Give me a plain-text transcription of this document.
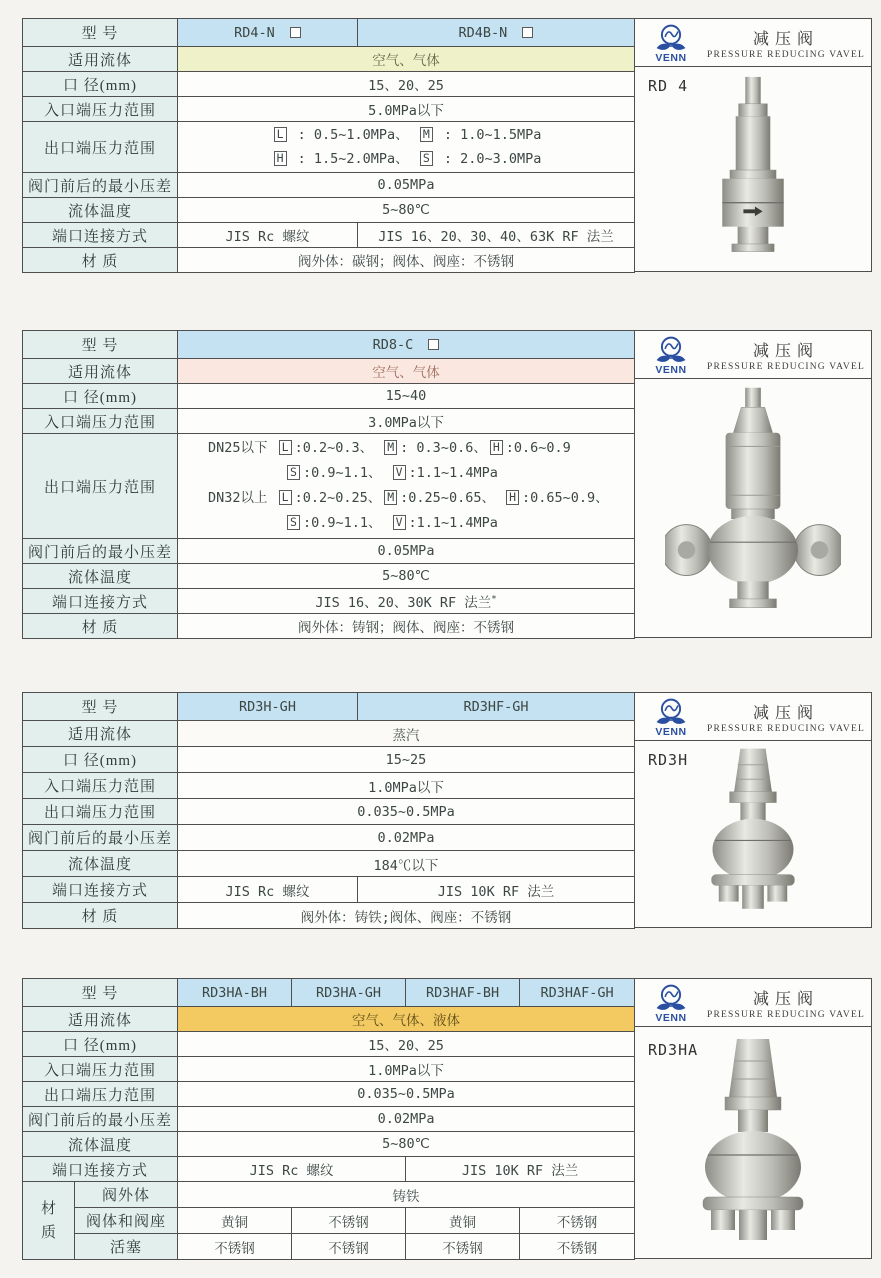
型 号	RD4-N	RD4B-N
适用流体	空气、气体	
口 径(mm)	15、20、25	
入口端压力范围	5.0MPa以下	
出口端压力范围	L : 0.5~1.0MPa、 M : 1.0~1.5MPa
H : 1.5~2.0MPa、 S : 2.0~3.0MPa	

阀门前后的最小压差	0.05MPa	
流体温度	5~80℃	
端口连接方式	JIS Rc 螺纹	JIS 16、20、30、40、63K RF 法兰
材 质	阀外体：碳钢；阀体、阀座：不锈钢	
VENN
减压阀
PRESSURE REDUCING VAVEL
RD 4
型 号	RD8-C
适用流体	空气、气体
口 径(mm)	15~40
入口端压力范围	3.0MPa以下
出口端压力范围	DN25以下 L :0.2~0.3、 M : 0.3~0.6、 H :0.6~0.9
S :0.9~1.1、 V :1.1~1.4MPa
DN32以上 L :0.2~0.25、 M :0.25~0.65、 H :0.65~0.9、
S :0.9~1.1、 V :1.1~1.4MPa

阀门前后的最小压差	0.05MPa
流体温度	5~80℃
端口连接方式	JIS 16、20、30K RF 法兰*
材 质	阀外体：铸钢；阀体、阀座：不锈钢
VENN
减压阀
PRESSURE REDUCING VAVEL
型 号	RD3H-GH	RD3HF-GH
适用流体	蒸汽	
口 径(mm)	15~25	
入口端压力范围	1.0MPa以下	
出口端压力范围	0.035~0.5MPa	
阀门前后的最小压差	0.02MPa	
流体温度	184℃以下	
端口连接方式	JIS Rc 螺纹	JIS 10K RF 法兰
材 质	阀外体：铸铁;阀体、阀座：不锈钢	
VENN
减压阀
PRESSURE REDUCING VAVEL
RD3H
型 号		RD3HA-BH	RD3HA-GH	RD3HAF-BH	RD3HAF-GH
适用流体		空气、气体、液体			
口 径(mm)		15、20、25			
入口端压力范围		1.0MPa以下			
出口端压力范围		0.035~0.5MPa			
阀门前后的最小压差		0.02MPa			
流体温度		5~80℃			
端口连接方式		JIS Rc 螺纹		JIS 10K RF 法兰	

材
质	阀外体	铸铁			
	阀体和阀座	黄铜	不锈钢	黄铜	不锈钢
	活塞	不锈钢	不锈钢	不锈钢	不锈钢
VENN
减压阀
PRESSURE REDUCING VAVEL
RD3HA
